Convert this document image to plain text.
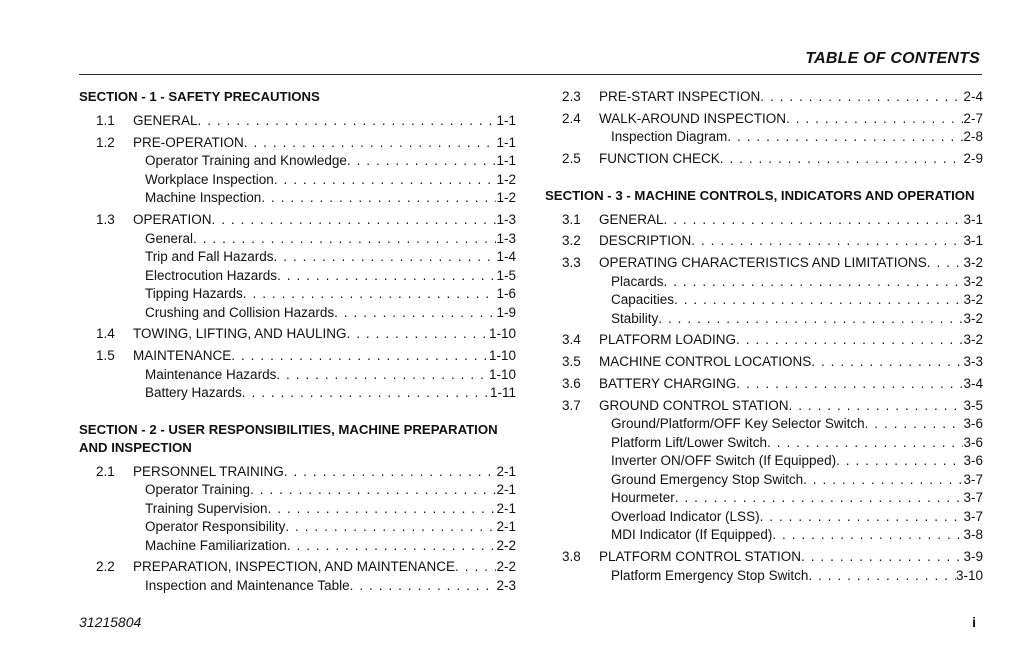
TABLE OF CONTENTS
SECTION - 1 - SAFETY PRECAUTIONS
1.1 GENERAL . . .	1-1
1.2 PRE-OPERATION . . .	1-1
Operator Training and Knowledge . . .	1-1
Workplace Inspection . . .	1-2
Machine Inspection . . .	1-2
1.3 OPERATION . . .	1-3
General . . .	1-3
Trip and Fall Hazards . . .	1-4
Electrocution Hazards . . .	1-5
Tipping Hazards . . .	1-6
Crushing and Collision Hazards . . .	1-9
1.4 TOWING, LIFTING, AND HAULING . . .	1-10
1.5 MAINTENANCE . . .	1-10
Maintenance Hazards . . .	1-10
Battery Hazards . . .	1-11
SECTION - 2 - USER RESPONSIBILITIES, MACHINE PREPARATION AND INSPECTION
2.1 PERSONNEL TRAINING . . .	2-1
Operator Training . . .	2-1
Training Supervision . . .	2-1
Operator Responsibility . . .	2-1
Machine Familiarization . . .	2-2
2.2 PREPARATION, INSPECTION, AND MAINTENANCE . . .	2-2
Inspection and Maintenance Table . . .	2-3
2.3 PRE-START INSPECTION . . .	2-4
2.4 WALK-AROUND INSPECTION . . .	2-7
Inspection Diagram . . .	2-8
2.5 FUNCTION CHECK . . .	2-9
SECTION - 3 - MACHINE CONTROLS, INDICATORS AND OPERATION
3.1 GENERAL . . .	3-1
3.2 DESCRIPTION . . .	3-1
3.3 OPERATING CHARACTERISTICS AND LIMITATIONS . . .	3-2
Placards . . .	3-2
Capacities . . .	3-2
Stability . . .	3-2
3.4 PLATFORM LOADING . . .	3-2
3.5 MACHINE CONTROL LOCATIONS . . .	3-3
3.6 BATTERY CHARGING . . .	3-4
3.7 GROUND CONTROL STATION . . .	3-5
Ground/Platform/OFF Key Selector Switch . . .	3-6
Platform Lift/Lower Switch . . .	3-6
Inverter ON/OFF Switch (If Equipped) . . .	3-6
Ground Emergency Stop Switch . . .	3-7
Hourmeter . . .	3-7
Overload Indicator (LSS) . . .	3-7
MDI Indicator (If Equipped) . . .	3-8
3.8 PLATFORM CONTROL STATION . . .	3-9
Platform Emergency Stop Switch . . .	3-10
31215804	i
